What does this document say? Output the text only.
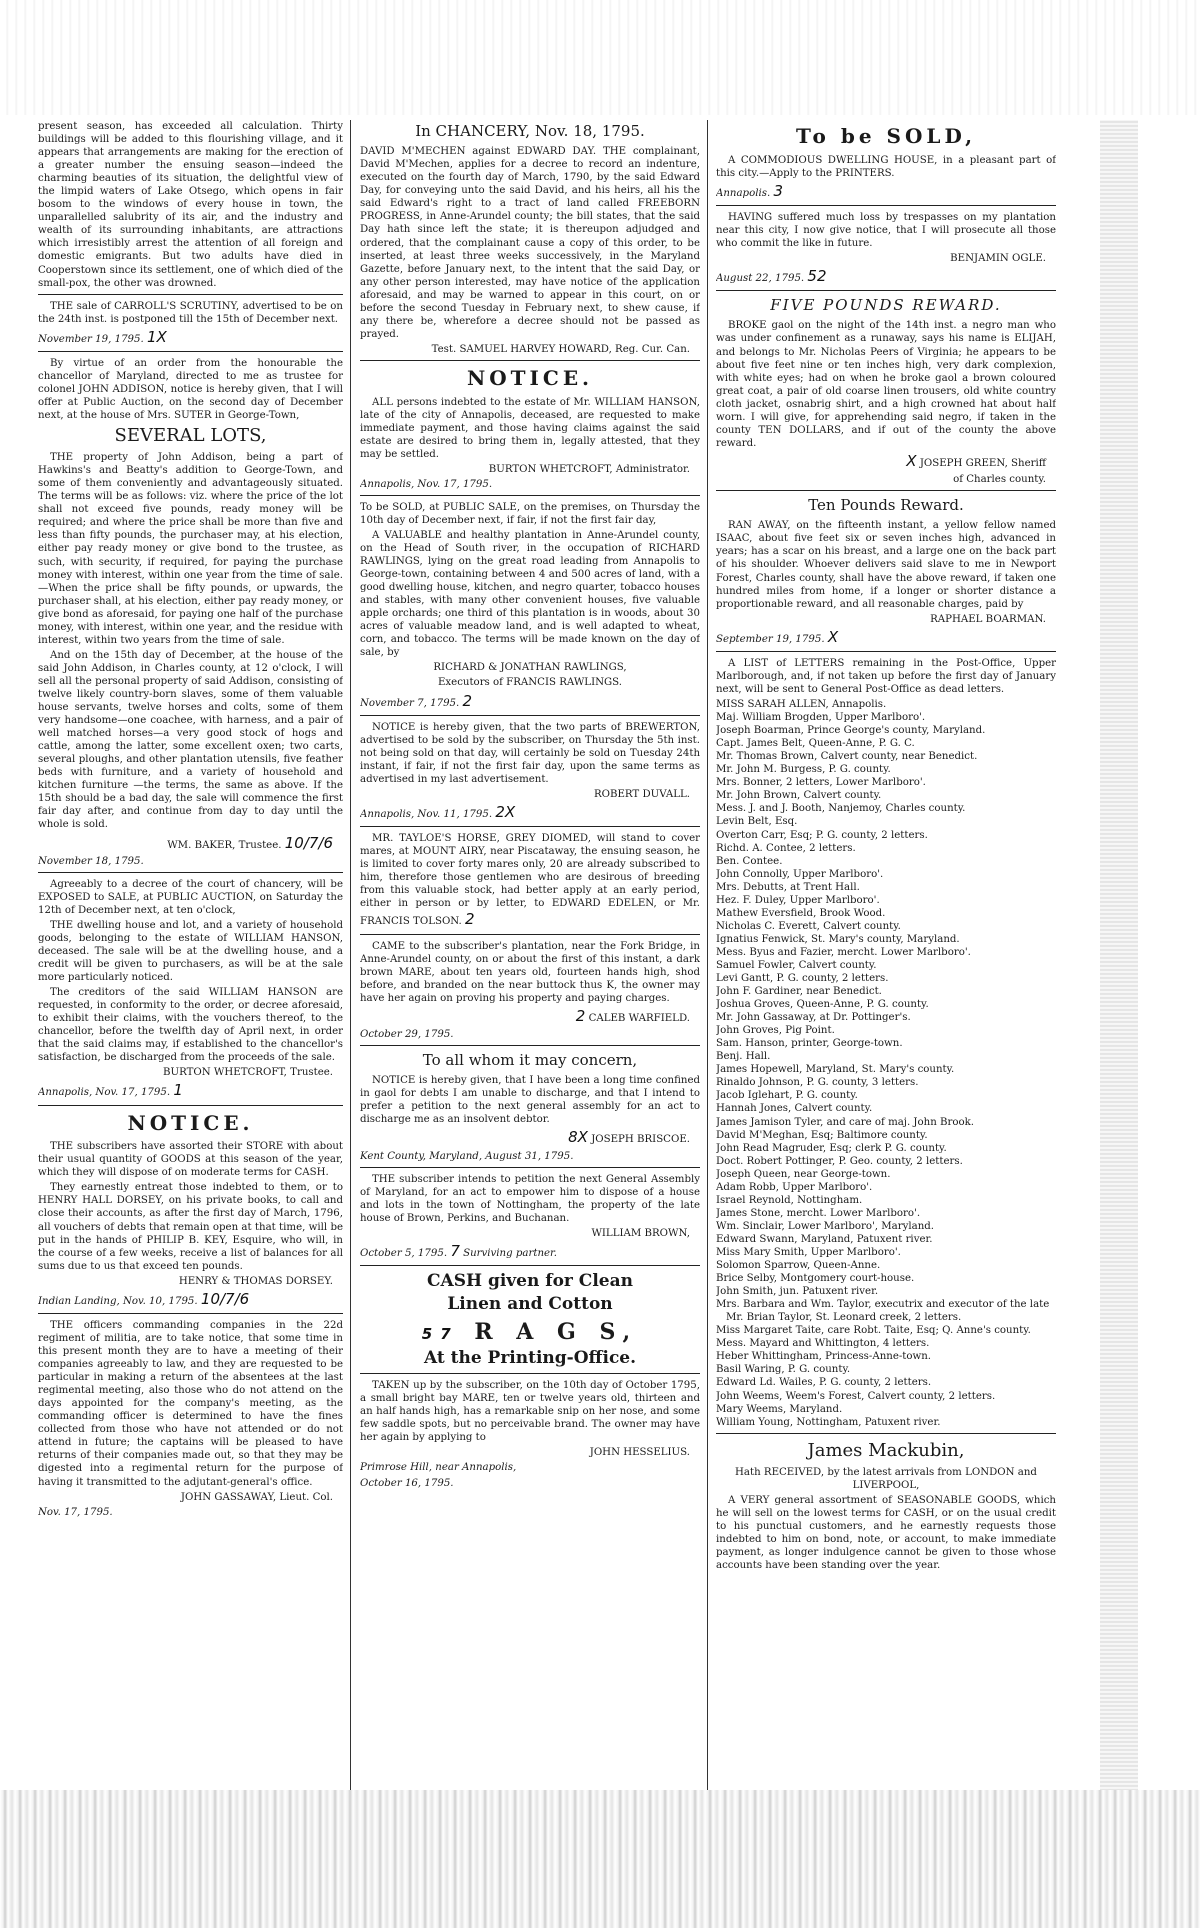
present season, has exceeded all calculation. Thirty buildings will be added to this flourishing village, and it appears that arrangements are making for the erection of a greater number the ensuing season—indeed the charming beauties of its situation, the delightful view of the limpid waters of Lake Otsego, which opens in fair bosom to the windows of every house in town, the unparallelled salubrity of its air, and the industry and wealth of its surrounding inhabitants, are attractions which irresistibly arrest the attention of all foreign and domestic emigrants. But two adults have died in Cooperstown since its settlement, one of which died of the small-pox, the other was drowned.

THE sale of CARROLL'S SCRUTINY, advertised to be on the 24th inst. is postponed till the 15th of December next.

November 19, 1795. 1X

By virtue of an order from the honourable the chancellor of Maryland, directed to me as trustee for colonel JOHN ADDISON, notice is hereby given, that I will offer at Public Auction, on the second day of December next, at the house of Mrs. SUTER in George-Town,

SEVERAL LOTS,

THE property of John Addison, being a part of Hawkins's and Beatty's addition to George-Town, and some of them conveniently and advantageously situated. The terms will be as follows: viz. where the price of the lot shall not exceed five pounds, ready money will be required; and where the price shall be more than five and less than fifty pounds, the purchaser may, at his election, either pay ready money or give bond to the trustee, as such, with security, if required, for paying the purchase money with interest, within one year from the time of sale.—When the price shall be fifty pounds, or upwards, the purchaser shall, at his election, either pay ready money, or give bond as aforesaid, for paying one half of the purchase money, with interest, within one year, and the residue with interest, within two years from the time of sale.

And on the 15th day of December, at the house of the said John Addison, in Charles county, at 12 o'clock, I will sell all the personal property of said Addison, consisting of twelve likely country-born slaves, some of them valuable house servants, twelve horses and colts, some of them very handsome—one coachee, with harness, and a pair of well matched horses—a very good stock of hogs and cattle, among the latter, some excellent oxen; two carts, several ploughs, and other plantation utensils, five feather beds with furniture, and a variety of household and kitchen furniture —the terms, the same as above. If the 15th should be a bad day, the sale will commence the first fair day after, and continue from day to day until the whole is sold.

WM. BAKER, Trustee. 10/7/6

November 18, 1795.

Agreeably to a decree of the court of chancery, will be EXPOSED to SALE, at PUBLIC AUCTION, on Saturday the 12th of December next, at ten o'clock,

THE dwelling house and lot, and a variety of household goods, belonging to the estate of WILLIAM HANSON, deceased. The sale will be at the dwelling house, and a credit will be given to purchasers, as will be at the sale more particularly noticed.

The creditors of the said WILLIAM HANSON are requested, in conformity to the order, or decree aforesaid, to exhibit their claims, with the vouchers thereof, to the chancellor, before the twelfth day of April next, in order that the said claims may, if established to the chancellor's satisfaction, be discharged from the proceeds of the sale.

BURTON WHETCROFT, Trustee.

Annapolis, Nov. 17, 1795. 1

NOTICE.

THE subscribers have assorted their STORE with about their usual quantity of GOODS at this season of the year, which they will dispose of on moderate terms for CASH.

They earnestly entreat those indebted to them, or to HENRY HALL DORSEY, on his private books, to call and close their accounts, as after the first day of March, 1796, all vouchers of debts that remain open at that time, will be put in the hands of PHILIP B. KEY, Esquire, who will, in the course of a few weeks, receive a list of balances for all sums due to us that exceed ten pounds.

HENRY & THOMAS DORSEY.

Indian Landing, Nov. 10, 1795. 10/7/6

THE officers commanding companies in the 22d regiment of militia, are to take notice, that some time in this present month they are to have a meeting of their companies agreeably to law, and they are requested to be particular in making a return of the absentees at the last regimental meeting, also those who do not attend on the days appointed for the company's meeting, as the commanding officer is determined to have the fines collected from those who have not attended or do not attend in future; the captains will be pleased to have returns of their companies made out, so that they may be digested into a regimental return for the purpose of having it transmitted to the adjutant-general's office.

JOHN GASSAWAY, Lieut. Col.

Nov. 17, 1795.

In CHANCERY, Nov. 18, 1795.

DAVID M'MECHEN against EDWARD DAY. THE complainant, David M'Mechen, applies for a decree to record an indenture, executed on the fourth day of March, 1790, by the said Edward Day, for conveying unto the said David, and his heirs, all his the said Edward's right to a tract of land called FREEBORN PROGRESS, in Anne-Arundel county; the bill states, that the said Day hath since left the state; it is thereupon adjudged and ordered, that the complainant cause a copy of this order, to be inserted, at least three weeks successively, in the Maryland Gazette, before January next, to the intent that the said Day, or any other person interested, may have notice of the application aforesaid, and may be warned to appear in this court, on or before the second Tuesday in February next, to shew cause, if any there be, wherefore a decree should not be passed as prayed.

Test. SAMUEL HARVEY HOWARD, Reg. Cur. Can.

NOTICE.

ALL persons indebted to the estate of Mr. WILLIAM HANSON, late of the city of Annapolis, deceased, are requested to make immediate payment, and those having claims against the said estate are desired to bring them in, legally attested, that they may be settled.

BURTON WHETCROFT, Administrator.

Annapolis, Nov. 17, 1795.

To be SOLD, at PUBLIC SALE, on the premises, on Thursday the 10th day of December next, if fair, if not the first fair day,

A VALUABLE and healthy plantation in Anne-Arundel county, on the Head of South river, in the occupation of RICHARD RAWLINGS, lying on the great road leading from Annapolis to George-town, containing between 4 and 500 acres of land, with a good dwelling house, kitchen, and negro quarter, tobacco houses and stables, with many other convenient houses, five valuable apple orchards; one third of this plantation is in woods, about 30 acres of valuable meadow land, and is well adapted to wheat, corn, and tobacco. The terms will be made known on the day of sale, by

RICHARD & JONATHAN RAWLINGS,

Executors of FRANCIS RAWLINGS.

November 7, 1795. 2

NOTICE is hereby given, that the two parts of BREWERTON, advertised to be sold by the subscriber, on Thursday the 5th inst. not being sold on that day, will certainly be sold on Tuesday 24th instant, if fair, if not the first fair day, upon the same terms as advertised in my last advertisement.

ROBERT DUVALL.

Annapolis, Nov. 11, 1795. 2X

MR. TAYLOE'S HORSE, GREY DIOMED, will stand to cover mares, at MOUNT AIRY, near Piscataway, the ensuing season, he is limited to cover forty mares only, 20 are already subscribed to him, therefore those gentlemen who are desirous of breeding from this valuable stock, had better apply at an early period, either in person or by letter, to EDWARD EDELEN, or Mr. FRANCIS TOLSON. 2

CAME to the subscriber's plantation, near the Fork Bridge, in Anne-Arundel county, on or about the first of this instant, a dark brown MARE, about ten years old, fourteen hands high, shod before, and branded on the near buttock thus K, the owner may have her again on proving his property and paying charges.

2 CALEB WARFIELD.

October 29, 1795.

To all whom it may concern,

NOTICE is hereby given, that I have been a long time confined in gaol for debts I am unable to discharge, and that I intend to prefer a petition to the next general assembly for an act to discharge me as an insolvent debtor.

8X JOSEPH BRISCOE.

Kent County, Maryland, August 31, 1795.

THE subscriber intends to petition the next General Assembly of Maryland, for an act to empower him to dispose of a house and lots in the town of Nottingham, the property of the late house of Brown, Perkins, and Buchanan.

WILLIAM BROWN,

October 5, 1795. 7 Surviving partner.

CASH given for Clean
Linen and Cotton
57 R A G S,
At the Printing-Office.

TAKEN up by the subscriber, on the 10th day of October 1795, a small bright bay MARE, ten or twelve years old, thirteen and an half hands high, has a remarkable snip on her nose, and some few saddle spots, but no perceivable brand. The owner may have her again by applying to

JOHN HESSELIUS.

Primrose Hill, near Annapolis,

October 16, 1795.

To be SOLD,

A COMMODIOUS DWELLING HOUSE, in a pleasant part of this city.—Apply to the PRINTERS.

Annapolis. 3

HAVING suffered much loss by trespasses on my plantation near this city, I now give notice, that I will prosecute all those who commit the like in future.

BENJAMIN OGLE.

August 22, 1795. 52

FIVE POUNDS REWARD.

BROKE gaol on the night of the 14th inst. a negro man who was under confinement as a runaway, says his name is ELIJAH, and belongs to Mr. Nicholas Peers of Virginia; he appears to be about five feet nine or ten inches high, very dark complexion, with white eyes; had on when he broke gaol a brown coloured great coat, a pair of old coarse linen trousers, old white country cloth jacket, osnabrig shirt, and a high crowned hat about half worn. I will give, for apprehending said negro, if taken in the county TEN DOLLARS, and if out of the county the above reward.

X JOSEPH GREEN, Sheriff

of Charles county.

Ten Pounds Reward.

RAN AWAY, on the fifteenth instant, a yellow fellow named ISAAC, about five feet six or seven inches high, advanced in years; has a scar on his breast, and a large one on the back part of his shoulder. Whoever delivers said slave to me in Newport Forest, Charles county, shall have the above reward, if taken one hundred miles from home, if a longer or shorter distance a proportionable reward, and all reasonable charges, paid by

RAPHAEL BOARMAN.

September 19, 1795. X

A LIST of LETTERS remaining in the Post-Office, Upper Marlborough, and, if not taken up before the first day of January next, will be sent to General Post-Office as dead letters.

MISS SARAH ALLEN, Annapolis.

Maj. William Brogden, Upper Marlboro'.

Joseph Boarman, Prince George's county, Maryland.

Capt. James Belt, Queen-Anne, P. G. C.

Mr. Thomas Brown, Calvert county, near Benedict.

Mr. John M. Burgess, P. G. county.

Mrs. Bonner, 2 letters, Lower Marlboro'.

Mr. John Brown, Calvert county.

Mess. J. and J. Booth, Nanjemoy, Charles county.

Levin Belt, Esq.

Overton Carr, Esq; P. G. county, 2 letters.

Richd. A. Contee, 2 letters.

Ben. Contee.

John Connolly, Upper Marlboro'.

Mrs. Debutts, at Trent Hall.

Hez. F. Duley, Upper Marlboro'.

Mathew Eversfield, Brook Wood.

Nicholas C. Everett, Calvert county.

Ignatius Fenwick, St. Mary's county, Maryland.

Mess. Byus and Fazier, mercht. Lower Marlboro'.

Samuel Fowler, Calvert county.

Levi Gantt, P. G. county, 2 letters.

John F. Gardiner, near Benedict.

Joshua Groves, Queen-Anne, P. G. county.

Mr. John Gassaway, at Dr. Pottinger's.

John Groves, Pig Point.

Sam. Hanson, printer, George-town.

Benj. Hall.

James Hopewell, Maryland, St. Mary's county.

Rinaldo Johnson, P. G. county, 3 letters.

Jacob Iglehart, P. G. county.

Hannah Jones, Calvert county.

James Jamison Tyler, and care of maj. John Brook.

David M'Meghan, Esq; Baltimore county.

John Read Magruder, Esq; clerk P. G. county.

Doct. Robert Pottinger, P. Geo. county, 2 letters.

Joseph Queen, near George-town.

Adam Robb, Upper Marlboro'.

Israel Reynold, Nottingham.

James Stone, mercht. Lower Marlboro'.

Wm. Sinclair, Lower Marlboro', Maryland.

Edward Swann, Maryland, Patuxent river.

Miss Mary Smith, Upper Marlboro'.

Solomon Sparrow, Queen-Anne.

Brice Selby, Montgomery court-house.

John Smith, jun. Patuxent river.

Mrs. Barbara and Wm. Taylor, executrix and executor of the late Mr. Brian Taylor, St. Leonard creek, 2 letters.

Miss Margaret Taite, care Robt. Taite, Esq; Q. Anne's county.

Mess. Mayard and Whittington, 4 letters.

Heber Whittingham, Princess-Anne-town.

Basil Waring, P. G. county.

Edward Ld. Wailes, P. G. county, 2 letters.

John Weems, Weem's Forest, Calvert county, 2 letters.

Mary Weems, Maryland.

William Young, Nottingham, Patuxent river.

James Mackubin,

Hath RECEIVED, by the latest arrivals from LONDON and LIVERPOOL,

A VERY general assortment of SEASONABLE GOODS, which he will sell on the lowest terms for CASH, or on the usual credit to his punctual customers, and he earnestly requests those indebted to him on bond, note, or account, to make immediate payment, as longer indulgence cannot be given to those whose accounts have been standing over the year.
